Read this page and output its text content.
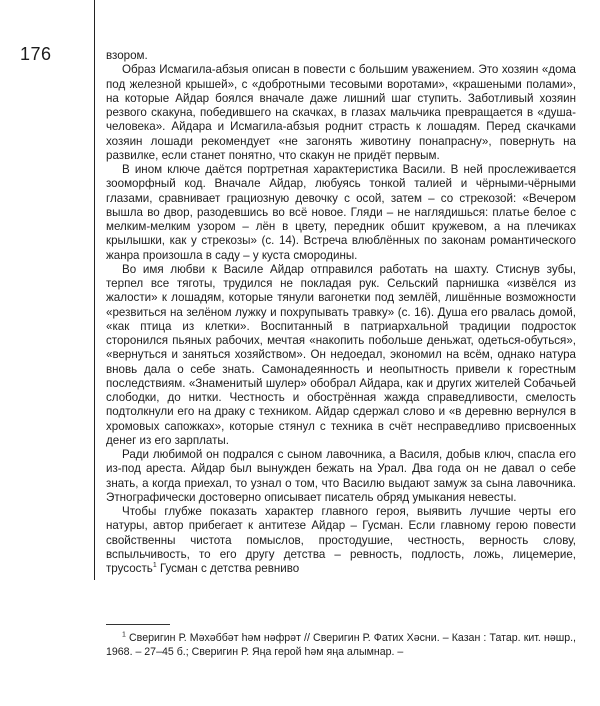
176	взором.

Образ Исмагила-абзыя описан в повести с большим уважением. Это хозяин «дома под железной крышей», с «добротными тесовыми воротами», «крашеными полами», на которые Айдар боялся вначале даже лишний шаг ступить. Заботливый хозяин резвого скакуна, победившего на скачках, в глазах мальчика превращается в «душа-человека». Айдара и Исмагила-абзыя роднит страсть к лошадям. Перед скачками хозяин лошади рекомендует «не загонять животину понапрасну», повернуть на развилке, если станет понятно, что скакун не придёт первым.

В ином ключе даётся портретная характеристика Васили. В ней прослеживается зооморфный код. Вначале Айдар, любуясь тонкой талией и чёрными-чёрными глазами, сравнивает грациозную девочку с осой, затем – со стрекозой: «Вечером вышла во двор, разодевшись во всё новое. Гляди – не наглядишься: платье белое с мелким-мелким узором – лён в цвету, передник обшит кружевом, а на плечиках крылышки, как у стрекозы» (с. 14). Встреча влюблённых по законам романтического жанра произошла в саду – у куста смородины.

Во имя любви к Василе Айдар отправился работать на шахту. Стиснув зубы, терпел все тяготы, трудился не покладая рук. Сельский парнишка «извёлся из жалости» к лошадям, которые тянули вагонетки под землёй, лишённые возможности «резвиться на зелёном лужку и похрупывать травку» (с. 16). Душа его рвалась домой, «как птица из клетки». Воспитанный в патриархальной традиции подросток сторонился пьяных рабочих, мечтая «накопить побольше деньжат, одеться-обуться», «вернуться и заняться хозяйством». Он недоедал, экономил на всём, однако натура вновь дала о себе знать. Самонадеянность и неопытность привели к горестным последствиям. «Знаменитый шулер» обобрал Айдара, как и других жителей Собачьей слободки, до нитки. Честность и обострённая жажда справедливости, смелость подтолкнули его на драку с техником. Айдар сдержал слово и «в деревню вернулся в хромовых сапожках», которые стянул с техника в счёт несправедливо присвоенных денег из его зарплаты.

Ради любимой он подрался с сыном лавочника, а Василя, добыв ключ, спасла его из-под ареста. Айдар был вынужден бежать на Урал. Два года он не давал о себе знать, а когда приехал, то узнал о том, что Василю выдают замуж за сына лавочника. Этнографически достоверно описывает писатель обряд умыкания невесты.

Чтобы глубже показать характер главного героя, выявить лучшие черты его натуры, автор прибегает к антитезе Айдар – Гусман. Если главному герою повести свойственны чистота помыслов, простодушие, честность, верность слову, вспыльчивость, то его другу детства – ревность, подлость, ложь, лицемерие, трусость$^1$ Гусман с детства ревниво

$^1$ Сверигин Р. Мәхәббәт һәм нәфрәт // Сверигин Р. Фатих Хәсни. – Казан : Татар. кит. нәшр., 1968. – 27–45 б.; Сверигин Р. Яңа герой һәм яңа алымнар. –
